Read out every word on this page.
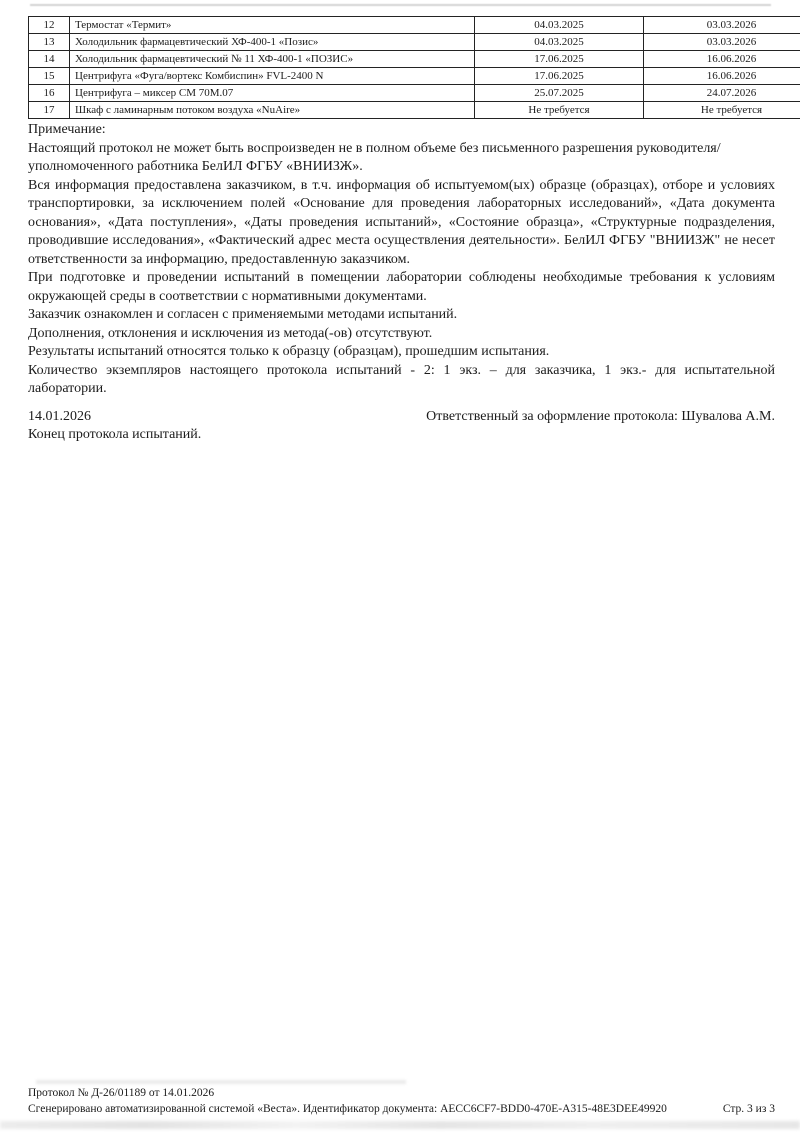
12	Термостат «Термит»	04.03.2025	03.03.2026
13	Холодильник фармацевтический ХФ-400-1 «Позис»	04.03.2025	03.03.2026
14	Холодильник фармацевтический № 11 ХФ-400-1 «ПОЗИС»	17.06.2025	16.06.2026
15	Центрифуга «Фуга/вортекс Комбиспин» FVL-2400 N	17.06.2025	16.06.2026
16	Центрифуга – миксер СМ 70М.07	25.07.2025	24.07.2026
17	Шкаф с ламинарным потоком воздуха «NuAire»	Не требуется	Не требуется

Примечание:

Настоящий протокол не может быть воспроизведен не в полном объеме без письменного разрешения руководителя/уполномоченного работника БелИЛ ФГБУ «ВНИИЗЖ».

Вся информация предоставлена заказчиком, в т.ч. информация об испытуемом(ых) образце (образцах), отборе и условиях транспортировки, за исключением полей «Основание для проведения лабораторных исследований», «Дата документа основания», «Дата поступления», «Даты проведения испытаний», «Состояние образца», «Структурные подразделения, проводившие исследования», «Фактический адрес места осуществления деятельности». БелИЛ ФГБУ "ВНИИЗЖ" не несет ответственности за информацию, предоставленную заказчиком.

При подготовке и проведении испытаний в помещении лаборатории соблюдены необходимые требования к условиям окружающей среды в соответствии с нормативными документами.

Заказчик ознакомлен и согласен с применяемыми методами испытаний.

Дополнения, отклонения и исключения из метода(-ов) отсутствуют.

Результаты испытаний относятся только к образцу (образцам), прошедшим испытания.

Количество экземпляров настоящего протокола испытаний - 2: 1 экз. – для заказчика, 1 экз.- для испытательной лаборатории.

14.01.2026	Ответственный за оформление протокола: Шувалова А.М.
Конец протокола испытаний.
Протокол № Д-26/01189 от 14.01.2026
Сгенерировано автоматизированной системой «Веста». Идентификатор документа: AECC6CF7-BDD0-470E-A315-48E3DEE49920	Стр. 3 из 3
